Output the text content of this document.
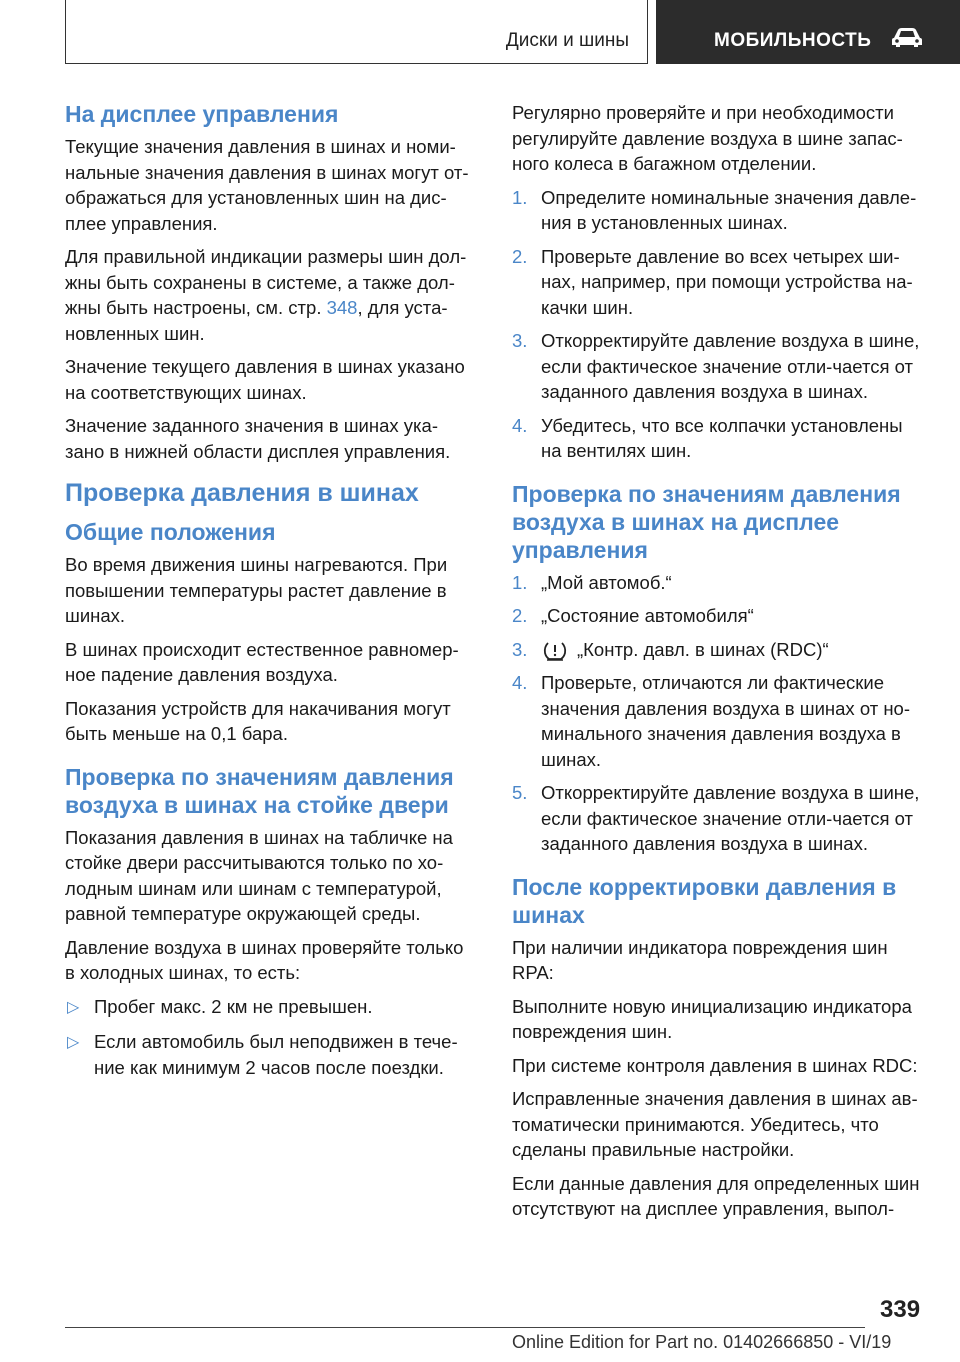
Диски и шины	МОБИЛЬНОСТЬ
На дисплее управления

Текущие значения давления в шинах и номи-нальные значения давления в шинах могут от-ображаться для установленных шин на дис-плее управления.

Для правильной индикации размеры шин дол-жны быть сохранены в системе, а также дол-жны быть настроены, см. стр. 348, для уста-новленных шин.

Значение текущего давления в шинах указано на соответствующих шинах.

Значение заданного значения в шинах ука-зано в нижней области дисплея управления.

Проверка давления в шинах
Общие положения

Во время движения шины нагреваются. При повышении температуры растет давление в шинах.

В шинах происходит естественное равномер-ное падение давления воздуха.

Показания устройств для накачивания могут быть меньше на 0,1 бара.

Проверка по значениям давления воздуха в шинах на стойке двери

Показания давления в шинах на табличке на стойке двери рассчитываются только по хо-лодным шинам или шинам с температурой, равной температуре окружающей среды.

Давление воздуха в шинах проверяйте только в холодных шинах, то есть:

▷ Пробег макс. 2 км не превышен.
▷ Если автомобиль был неподвижен в тече-ние как минимум 2 часов после поездки.

Регулярно проверяйте и при необходимости регулируйте давление воздуха в шине запас-ного колеса в багажном отделении.

1. Определите номинальные значения давле-ния в установленных шинах.
2. Проверьте давление во всех четырех ши-нах, например, при помощи устройства на-качки шин.
3. Откорректируйте давление воздуха в шине, если фактическое значение отли-чается от заданного давления воздуха в шинах.
4. Убедитесь, что все колпачки установлены на вентилях шин.
Проверка по значениям давления воздуха в шинах на дисплее управления
1. „Мой автомоб.“
2. „Состояние автомобиля“
3.	„Контр. давл. в шинах (RDC)“
4. Проверьте, отличаются ли фактические значения давления воздуха в шинах от но-минального значения давления воздуха в шинах.
5. Откорректируйте давление воздуха в шине, если фактическое значение отли-чается от заданного давления воздуха в шинах.
После корректировки давления в шинах

При наличии индикатора повреждения шин RPA:

Выполните новую инициализацию индикатора повреждения шин.

При системе контроля давления в шинах RDC:

Исправленные значения давления в шинах ав-томатически принимаются. Убедитесь, что сделаны правильные настройки.

Если данные давления для определенных шин отсутствуют на дисплее управления, выпол-

339
Online Edition for Part no. 01402666850 - VI/19
